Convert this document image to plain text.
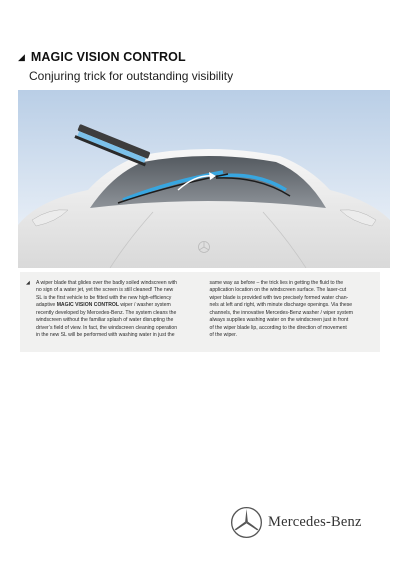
◢ MAGIC VISION CONTROL
Conjuring trick for outstanding visibility
◢ A wiper blade that glides over the badly soiled windscreen with
no sign of a water jet, yet the screen is still cleaned! The new
SL is the first vehicle to be fitted with the new high-efficiency
adaptive MAGIC VISION CONTROL wiper / washer system
recently developed by Mercedes-Benz. The system cleans the
windscreen without the familiar splash of water disrupting the
driver’s field of view. In fact, the windscreen cleaning operation
in the new SL will be performed with washing water in just the
same way as before – the trick lies in getting the fluid to the
application location on the windscreen surface. The laser-cut
wiper blade is provided with two precisely formed water chan-
nels at left and right, with minute discharge openings. Via these
channels, the innovative Mercedes-Benz washer / wiper system
always supplies washing water on the windscreen just in front
of the wiper blade lip, according to the direction of movement
of the wiper.
Mercedes-Benz
